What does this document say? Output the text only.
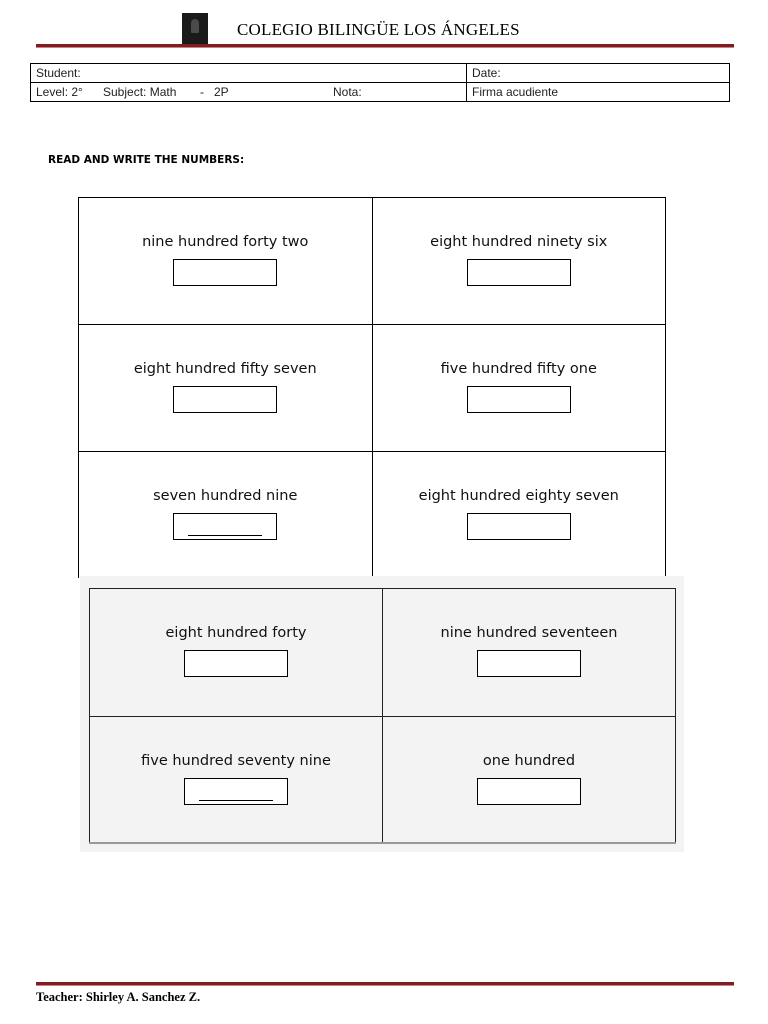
COLEGIO BILINGÜE LOS ÁNGELES
Student:	Date:

Level: 2° Subject: Math - 2P Nota:	Firma acudiente
READ AND WRITE THE NUMBERS:
nine hundred forty two	eight hundred ninety six

eight hundred fifty seven	five hundred fifty one

seven hundred nine	eight hundred eighty seven
eight hundred forty	nine hundred seventeen

five hundred seventy nine	one hundred
Teacher: Shirley A. Sanchez Z.
